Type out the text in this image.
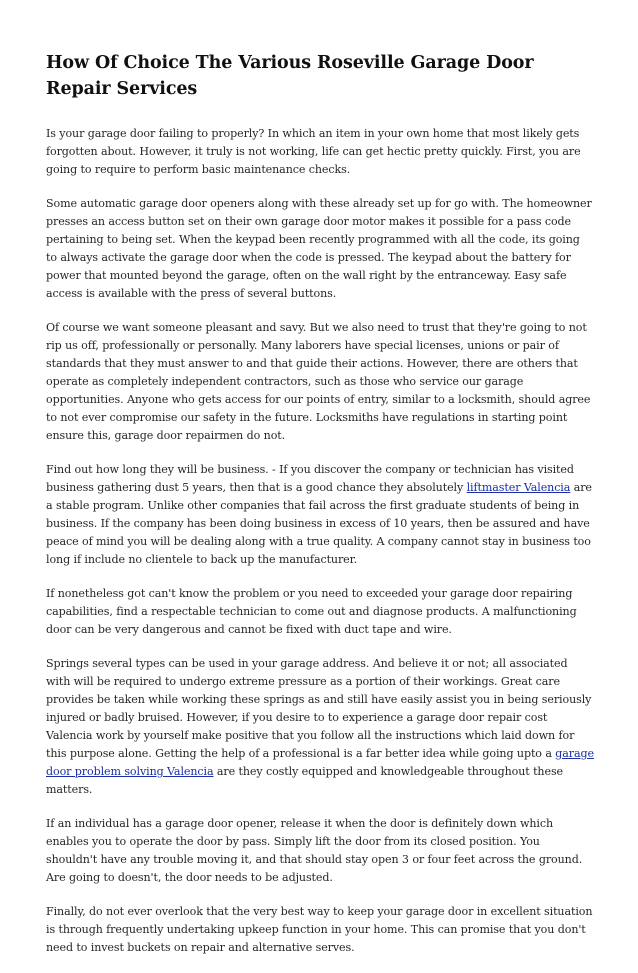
How Of Choice The Various Roseville Garage Door Repair Services

Is your garage door failing to properly? In which an item in your own home that most likely gets forgotten about. However, it truly is not working, life can get hectic pretty quickly. First, you are going to require to perform basic maintenance checks.

Some automatic garage door openers along with these already set up for go with. The homeowner presses an access button set on their own garage door motor makes it possible for a pass code pertaining to being set. When the keypad been recently programmed with all the code, its going to always activate the garage door when the code is pressed. The keypad about the battery for power that mounted beyond the garage, often on the wall right by the entranceway. Easy safe access is available with the press of several buttons.

Of course we want someone pleasant and savy. But we also need to trust that they're going to not rip us off, professionally or personally. Many laborers have special licenses, unions or pair of standards that they must answer to and that guide their actions. However, there are others that operate as completely independent contractors, such as those who service our garage opportunities. Anyone who gets access for our points of entry, similar to a locksmith, should agree to not ever compromise our safety in the future. Locksmiths have regulations in starting point ensure this, garage door repairmen do not.

Find out how long they will be business. - If you discover the company or technician has visited business gathering dust 5 years, then that is a good chance they absolutely liftmaster Valencia are a stable program. Unlike other companies that fail across the first graduate students of being in business. If the company has been doing business in excess of 10 years, then be assured and have peace of mind you will be dealing along with a true quality. A company cannot stay in business too long if include no clientele to back up the manufacturer.

If nonetheless got can't know the problem or you need to exceeded your garage door repairing capabilities, find a respectable technician to come out and diagnose products. A malfunctioning door can be very dangerous and cannot be fixed with duct tape and wire.

Springs several types can be used in your garage address. And believe it or not; all associated with will be required to undergo extreme pressure as a portion of their workings. Great care provides be taken while working these springs as and still have easily assist you in being seriously injured or badly bruised. However, if you desire to to experience a garage door repair cost Valencia work by yourself make positive that you follow all the instructions which laid down for this purpose alone. Getting the help of a professional is a far better idea while going upto a garage door problem solving Valencia are they costly equipped and knowledgeable throughout these matters.

If an individual has a garage door opener, release it when the door is definitely down which enables you to operate the door by pass. Simply lift the door from its closed position. You shouldn't have any trouble moving it, and that should stay open 3 or four feet across the ground. Are going to doesn't, the door needs to be adjusted.

Finally, do not ever overlook that the very best way to keep your garage door in excellent situation is through frequently undertaking upkeep function in your home. This can promise that you don't need to invest buckets on repair and alternative serves.
